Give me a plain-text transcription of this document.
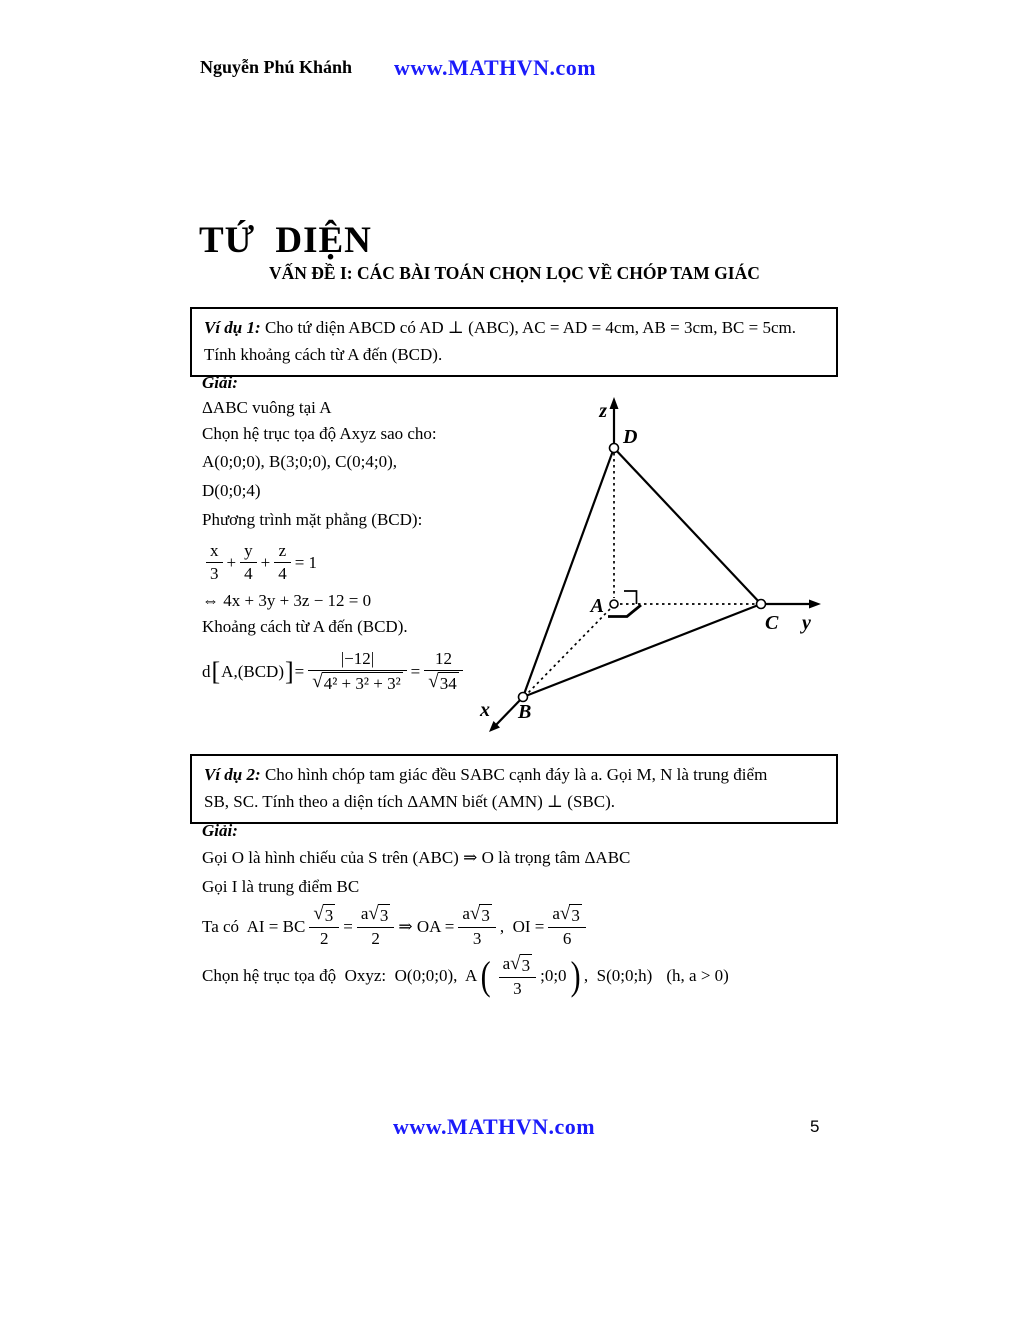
Nguyễn Phú Khánh www.MATHVN.com
TỨ DIỆN
VẤN ĐỀ I: CÁC BÀI TOÁN CHỌN LỌC VỀ CHÓP TAM GIÁC

Ví dụ 1: Cho tứ diện ABCD có AD ⊥ (ABC), AC = AD = 4cm, AB = 3cm, BC = 5cm.

Tính khoảng cách từ A đến (BCD).

Giải:

ΔABC vuông tại A

Chọn hệ trục tọa độ Axyz sao cho:

A(0;0;0), B(3;0;0), C(0;4;0),

D(0;0;4)

Phương trình mặt phẳng (BCD):

$\frac{x}{3} + \frac{y}{4} + \frac{z}{4} = 1$

⇔ 4x + 3y + 3z − 12 = 0

Khoảng cách từ A đến (BCD).

d [ A,(BCD) ] = $\frac{|-12|}{\text{√ 4² + 3² + 3²}} = \frac{12}{√ 34}$
z
D
A
C y
B
x

Ví dụ 2: Cho hình chóp tam giác đều SABC cạnh đáy là a. Gọi M, N là trung điểm

SB, SC. Tính theo a diện tích ΔAMN biết (AMN) ⊥ (SBC).

Giải:

Gọi O là hình chiếu của S trên (ABC) ⇒ O là trọng tâm ΔABC

Gọi I là trung điểm BC

Ta có  AI = BC $\frac{√ 3}{2} = \frac{a √ 3}{2}$ ⇒ OA = $\frac{a √ 3}{3}$ ,  OI = $\frac{a √ 3}{6}$
Chọn hệ trục tọa độ  Oxyz:  O(0;0;0),  A ( $\frac{a √ 3}{3}$ ;0;0 ) ,  S(0;0;h) (h, a > 0)
www.MATHVN.com	5
